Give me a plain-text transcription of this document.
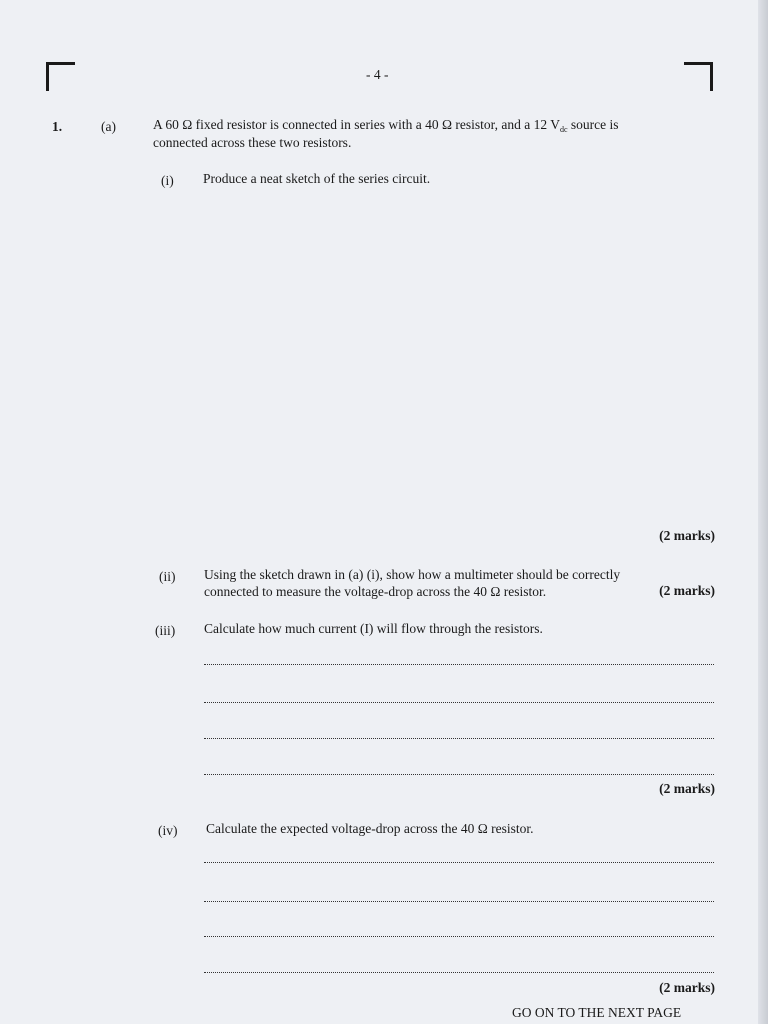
- 4 -
1.	(a)	A 60 Ω fixed resistor is connected in series with a 40 Ω resistor, and a 12 $V_{dc}$ source is
connected across these two resistors.
(i) Produce a neat sketch of the series circuit.
(2 marks)
(ii) Using the sketch drawn in (a) (i), show how a multimeter should be correctly
connected to measure the voltage-drop across the 40 Ω resistor.	(2 marks)
(iii) Calculate how much current (I) will flow through the resistors.
(2 marks)
(iv) Calculate the expected voltage-drop across the 40 Ω resistor.
(2 marks)
GO ON TO THE NEXT PAGE
